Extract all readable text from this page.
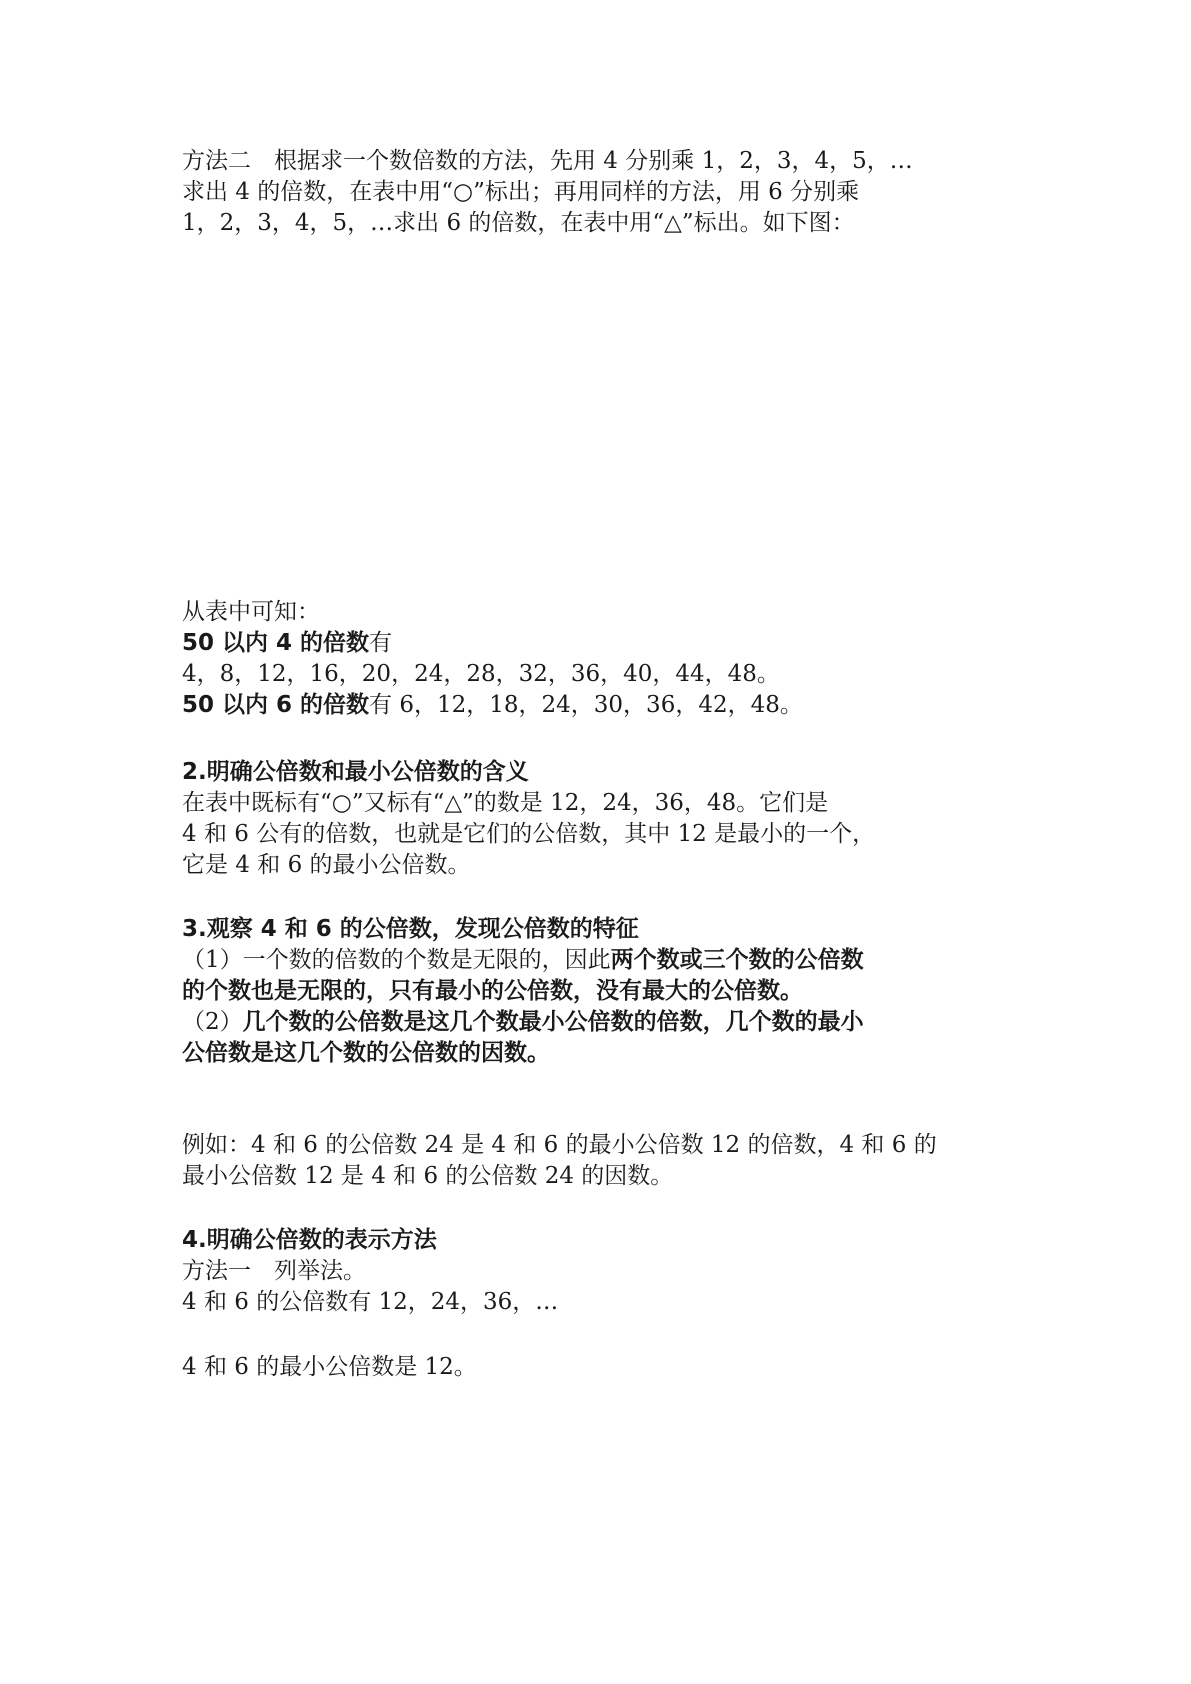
方法二　根据求一个数倍数的方法，先用 4 分别乘 1，2，3，4，5，…

求出 4 的倍数，在表中用“○”标出；再用同样的方法，用 6 分别乘

1，2，3，4，5，…求出 6 的倍数，在表中用“△”标出。如下图：

从表中可知：

50 以内 4 的倍数有

4，8，12，16，20，24，28，32，36，40，44，48。

50 以内 6 的倍数有 6，12，18，24，30，36，42，48。

2.明确公倍数和最小公倍数的含义

在表中既标有“○”又标有“△”的数是 12，24，36，48。它们是

4 和 6 公有的倍数，也就是它们的公倍数，其中 12 是最小的一个，

它是 4 和 6 的最小公倍数。

3.观察 4 和 6 的公倍数，发现公倍数的特征

（1）一个数的倍数的个数是无限的，因此两个数或三个数的公倍数

的个数也是无限的，只有最小的公倍数，没有最大的公倍数。

（2）几个数的公倍数是这几个数最小公倍数的倍数，几个数的最小

公倍数是这几个数的公倍数的因数。

例如：4 和 6 的公倍数 24 是 4 和 6 的最小公倍数 12 的倍数，4 和 6 的

最小公倍数 12 是 4 和 6 的公倍数 24 的因数。

4.明确公倍数的表示方法

方法一　列举法。

4 和 6 的公倍数有 12，24，36，…

4 和 6 的最小公倍数是 12。
